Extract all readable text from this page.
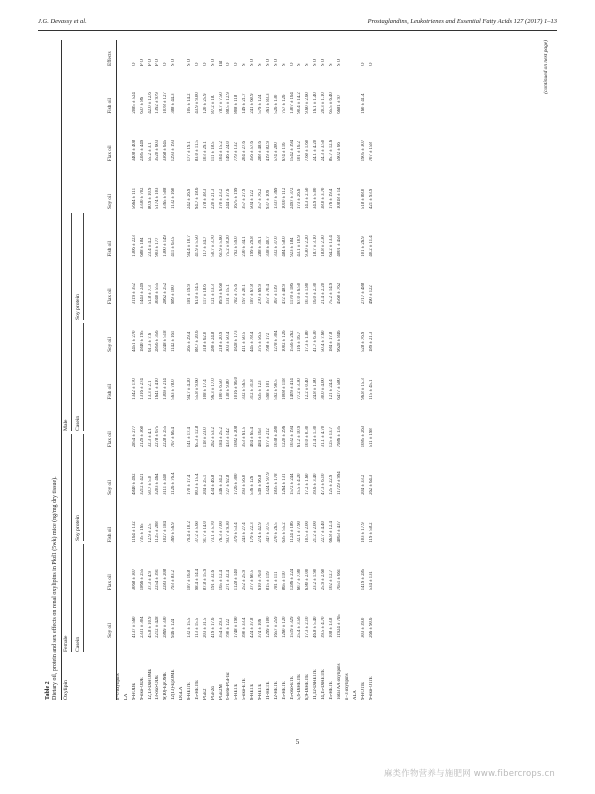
J.G. Devassy et al.	Prostaglandins, Leukotrienes and Essential Fatty Acids 127 (2017) 1–13
Table 2 Dietary oil, protein and sex effects on renal oxylipins in Pkd1 (5wk) mice (ng/mg dry tissue). Oxylipin
Female
Male
Casein
Soy protein
Casein
Soy protein
	Soy oil	Flax oil	Fish oil	Soy oil	Flax oil	Fish oil	Soy oil	Flax oil	Fish oil	Soy oil	Flax oil	Fish oil	Effects
n−6 oxylipins													
LA													
9-HODE	4137 ± 560	3068 ± 307	1164 ± 132	4840 ± 492	2854 ± 277	1342 ± 170	4451 ± 270	3119 ± 352	1306 ± 223	5664 ± 111	3408 ± 408	2085 ± 524	O
9-oxo-ODE	2331 ± 304	1866 ± 255	735 ± 165	3212 ± 421	2129 ± 360	1316 ± 274	1840 ± 195	1443 ± 249	688 ± 184	3330 ± 702	2385 ± 449	637 ± 86	P O
12,13-DiHOME	45.8 ± 10.9	37.3 ± 4.9	12.9 ± 2.5	50.7 ± 5.0	32.3 ± 4.1	13.3 ± 2.1	61.3 ± 7.6	51.8 ± 7.3	23.4 ± 4.2	80.9 ± 10.9	55.2 ± 3.1	42.0 ± 12.6	P O
13-oxo-ODE	2212 ± 428	2254 ± 391	1125 ± 208	3203 ± 464	2278 ± 675	1641 ± 410	2856 ± 356	3040 ± 555	903 ± 177	5174 ± 103	3520 ± 603	1392 ± 979	P O
9(10)-EpOME	2869 ± 330	2283 ± 208	1027 ± 184	3111 ± 340	2228 ± 255	1369 ± 214	3248 ± 518	2862 ± 252	1300 ± 149	3365 ± 508	3368 ± 645	1078 ± 127	O
12(13)-EpOME	946 ± 124	793 ± 83.2	369 ± 56.9	1126 ± 76.4	767 ± 66.4	563 ± 78.0	1142 ± 161	989 ± 100	411 ± 63.5	1132 ± 160	1293 ± 193	388 ± 44.3	S O
DGLA													
8-HETrE	132 ± 15.5	187 ± 16.8	79.4 ± 10.2	170 ± 17.4	141 ± 17.4	94.7 ± 4.20	265 ± 29.4	181 ± 19.9	94.4 ± 10.7	242 ± 26.9	177 ± 19.1	105 ± 14.2	S O
15-HETrE	113 ± 15.5	98.4 ± 14.4	37.2 ± 5.60	80.3 ± 15.4	65.3 ± 12.8	55.8 ± 9.60	88.7 ± 20.6	61.0 ± 14.5	41.9 ± 5.50	94.7 ± 18.6	83.0 ± 11.5	43.9 ± 9.00	O
PGE2	203 ± 31.5	87.8 ± 15.9	91.7 ± 14.0	204 ± 25.1	118 ± 23.0	108 ± 17.4	318 ± 62.0	117 ± 18.6	117 ± 34.7	178 ± 38.3	103 ± 29.1	120 ± 25.9	O
PGF2α	419 ± 17.6	191 ± 32.6	73.1 ± 5.70	434 ± 46.8	262 ± 53.2	96.3 ± 17.0	280 ± 24.8	121 ± 13.3	50.7 ± 3.70	220 ± 21.3	111 ± 18.5	87.2 ± 18.	S O
PGE2M	354 ± 29.3	165 ± 12.4	76.3 ± 7.00	346 ± 34.2	184 ± 25.2	100 ± 6.50	218 ± 20.9	89.9 ± 6.60	61.9 ± 5.60	170 ± 23.2	104 ± 15.2	78.7 ± 7.50	Int
6-keto-PGF1α	790 ± 122	271 ± 32.4	93.7 ± 9.30	727 ± 92.8	433 ± 142	138 ± 9.80	303 ± 50.4	131 ± 15.1	75.2 ± 8.20	244 ± 37.6	146 ± 24.0	88.5 ± 12.9	O
5-HETE	1748 ± 190	1128 ± 140	379 ± 53.4	1726 ± 300	1082 ± 208	1016 ± 96.0	1828 ± 173	782 ± 75.6	792 ± 59.0	1675 ± 199	779 ± 132	808 ± 118	O
5-oxo-ETE	390 ± 33.4	252 ± 25.9	243 ± 27.4	393 ± 56.0	353 ± 61.5	332 ± 56.5	411 ± 50.5	197 ± 20.1	230 ± 34.1	357 ± 27.9	204 ± 27.6	149 ± 21.7	S
8-HETE	424 ± 37.8	377 ± 60.5	179 ± 22.3	536 ± 126	404 ± 65.4	312 ± 31.8	445 ± 78.4	187 ± 67.8	199 ± 29.8	504 ± 122	356 ± 57.6	241 ± 60.9	S O
9-HETE	374 ± 106	610 ± 76.0	274 ± 42.9	549 ± 96.8	484 ± 163	635 ± 123	375 ± 56.5	270 ± 69.9	288 ± 39.1	357 ± 76.2	288 ± 48.6	579 ± 124	S
11-HETE	1299 ± 100	815 ± 119	347 ± 37.5	1324 ± 97.9	977 ± 212	598 ± 101	798 ± 172	357 ± 70.4	338 ± 40.7	937 ± 109	419 ± 82.9	361 ± 83.3	S O
12-HETE	1657 ± 259	781 ± 111	270 ± 26.5	1835 ± 178	1038 ± 280	592 ± 90.5	1278 ± 304	367 ± 139	332 ± 37.0	1337 ± 369	574 ± 200	526 ± 130	S O
15-HETE	1260 ± 120	865 ± 110	635 ± 55.2	1264 ± 131	1220 ± 296	1008 ± 118	1002 ± 126	472 ± 48.9	484 ± 58.0	1010 ± 112	674 ± 116	757 ± 126	S
15-oxo-ETE	1519 ± 329	1286 ± 224	1124 ± 186	1572 ± 244	1032 ± 194	1409 ± 414	1556 ± 262	1170 ± 186	923 ± 184	2497 ± 372	1542 ± 394	1307 ± 164	O
5,6-DiHETrE	25.4 ± 3.56	60.7 ± 7.80	32.1 ± 7.90	15.5 ± 4.20	61.2 ± 10.9	77.2 ± 3.30	116 ± 16.7	67.0 ± 6.50	43.1 ± 10.9	173 ± 26.6	101 ± 16.2	90.4 ± 14.2	S
8,9-DiHETrE	17.3 ± 2.10	6.80 ± 2.00	10.5 ± 2.00	17.2 ± 1.60	10.0 ± 0.30	12.2 ± 0.40	17.3 ± 1.80	10.3 ± 1.80	9.30 ± 2.20	14.3 ± 2.50	7.60 ± 1.60	9.60 ± 2.60	S
11,12-DiHETrE	46.8 ± 5.40	23.2 ± 1.90	21.2 ± 2.00	39.6 ± 3.40	21.4 ± 1.30	24.8 ± 1.80	41.7 ± 6.30	16.0 ± 2.30	18.7 ± 3.10	34.9 ± 5.00	24.1 ± 4.20	16.1 ± 1.40	S O
14,15-DiHETrE	39.5 ± 4.70	25.9 ± 2.60	22.7 ± 4.40	47.3 ± 6.10	31.1 ± 4.70	30.0 ± 4.00	50.4 ± 7.60	21.4 ± 2.20	18.8 ± 2.30	38.0 ± 3.70	24.3 ± 3.50	20.3 ± 1.10	S O
15-HETE	108 ± 13.8	102 ± 12.7	66.8 ± 12.4	125 ± 22.9	125 ± 13.7	121 ± 24.4	184 ± 17.8	75.2 ± 14.9	64.2 ± 13.4	176 ± 19.4	85.7 ± 12.6	65.5 ± 6.40	S
Total AA oxylipins	11924 ± 765	7651 ± 661	4063 ± 437	11729 ± 994	7986 ± 135	6477 ± 580	9628 ± 846	4560 ± 762	4001 ± 458	10818 ± 14	5902 ± 66	6681 ± 97	S O
n−3 oxylipins													
ALA													
9-HOTrE	303 ± 39.0	1419 ± 285	103 ± 17.9	204 ± 33.2	1085 ± 263	96.8 ± 15.3	528 ± 76.9	2717 ± 488	101 ± 26.9	518 ± 88.0	1905 ± 307	160 ± 41.4	O
9-oxo-OTrE	266 ± 90.6	534 ± 131	119 ± 58.2	262 ± 64.3	511 ± 198	115 ± 45.1	189 ± 21.3	490 ± 122	40.2 ± 11.4	421 ± 93.9	707 ± 158		O	(continued on next page)
5
麻类作物营养与施肥网 www.fibercrops.cn
